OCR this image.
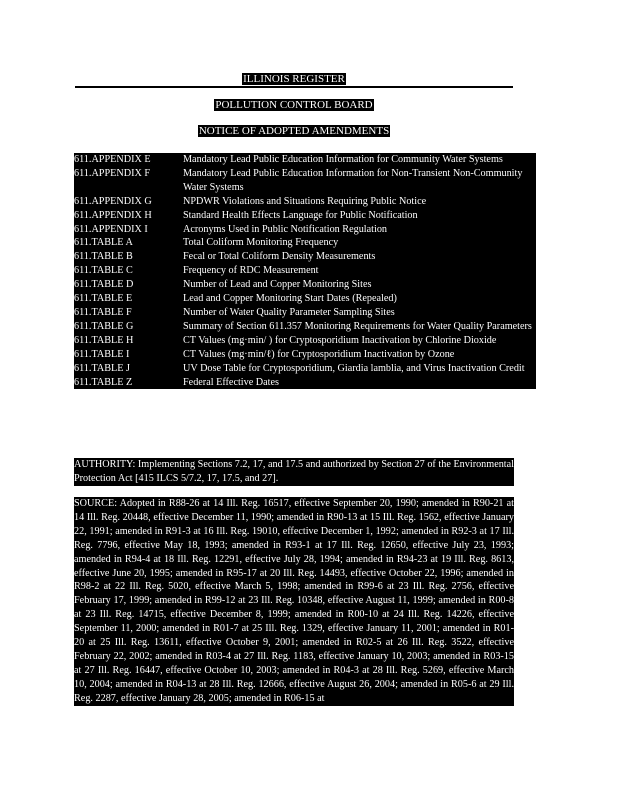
ILLINOIS REGISTER
POLLUTION CONTROL BOARD
NOTICE OF ADOPTED AMENDMENTS
611.APPENDIX E	Mandatory Lead Public Education Information for Community Water Systems
611.APPENDIX F	Mandatory Lead Public Education Information for Non-Transient Non-Community Water Systems
611.APPENDIX G	NPDWR Violations and Situations Requiring Public Notice
611.APPENDIX H	Standard Health Effects Language for Public Notification
611.APPENDIX I	Acronyms Used in Public Notification Regulation
611.TABLE A	Total Coliform Monitoring Frequency
611.TABLE B	Fecal or Total Coliform Density Measurements
611.TABLE C	Frequency of RDC Measurement
611.TABLE D	Number of Lead and Copper Monitoring Sites
611.TABLE E	Lead and Copper Monitoring Start Dates (Repealed)
611.TABLE F	Number of Water Quality Parameter Sampling Sites
611.TABLE G	Summary of Section 611.357 Monitoring Requirements for Water Quality Parameters
611.TABLE H	CT Values (mg·min/ ) for Cryptosporidium Inactivation by Chlorine Dioxide
611.TABLE I	CT Values (mg·min/ℓ) for Cryptosporidium Inactivation by Ozone
611.TABLE J	UV Dose Table for Cryptosporidium, Giardia lamblia, and Virus Inactivation Credit
611.TABLE Z	Federal Effective Dates
AUTHORITY: Implementing Sections 7.2, 17, and 17.5 and authorized by Section 27 of the Environmental Protection Act [415 ILCS 5/7.2, 17, 17.5, and 27].
SOURCE: Adopted in R88-26 at 14 Ill. Reg. 16517, effective September 20, 1990; amended in R90-21 at 14 Ill. Reg. 20448, effective December 11, 1990; amended in R90-13 at 15 Ill. Reg. 1562, effective January 22, 1991; amended in R91-3 at 16 Ill. Reg. 19010, effective December 1, 1992; amended in R92-3 at 17 Ill. Reg. 7796, effective May 18, 1993; amended in R93-1 at 17 Ill. Reg. 12650, effective July 23, 1993; amended in R94-4 at 18 Ill. Reg. 12291, effective July 28, 1994; amended in R94-23 at 19 Ill. Reg. 8613, effective June 20, 1995; amended in R95-17 at 20 Ill. Reg. 14493, effective October 22, 1996; amended in R98-2 at 22 Ill. Reg. 5020, effective March 5, 1998; amended in R99-6 at 23 Ill. Reg. 2756, effective February 17, 1999; amended in R99-12 at 23 Ill. Reg. 10348, effective August 11, 1999; amended in R00-8 at 23 Ill. Reg. 14715, effective December 8, 1999; amended in R00-10 at 24 Ill. Reg. 14226, effective September 11, 2000; amended in R01-7 at 25 Ill. Reg. 1329, effective January 11, 2001; amended in R01-20 at 25 Ill. Reg. 13611, effective October 9, 2001; amended in R02-5 at 26 Ill. Reg. 3522, effective February 22, 2002; amended in R03-4 at 27 Ill. Reg. 1183, effective January 10, 2003; amended in R03-15 at 27 Ill. Reg. 16447, effective October 10, 2003; amended in R04-3 at 28 Ill. Reg. 5269, effective March 10, 2004; amended in R04-13 at 28 Ill. Reg. 12666, effective August 26, 2004; amended in R05-6 at 29 Ill. Reg. 2287, effective January 28, 2005; amended in R06-15 at
